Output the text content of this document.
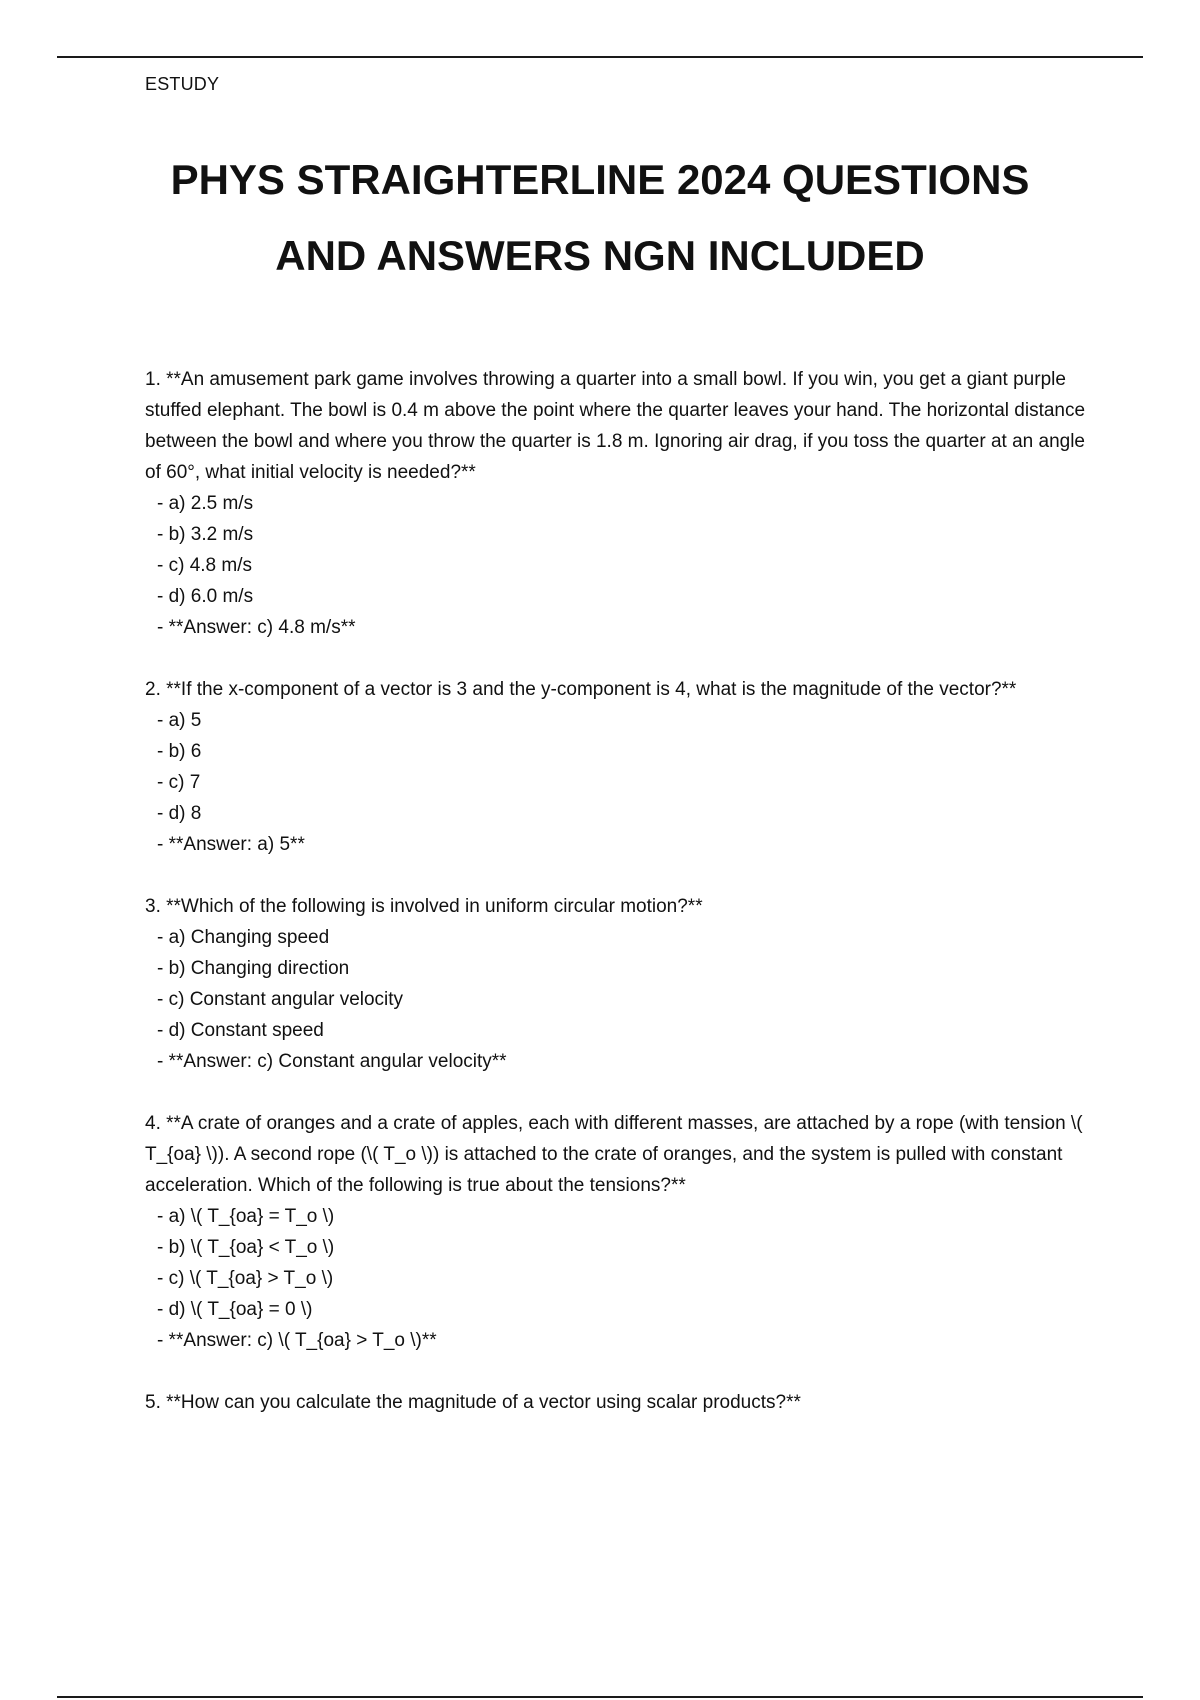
ESTUDY
PHYS STRAIGHTERLINE 2024 QUESTIONS
AND ANSWERS NGN INCLUDED

1. **An amusement park game involves throwing a quarter into a small bowl. If you win, you get a giant purple stuffed elephant. The bowl is 0.4 m above the point where the quarter leaves your hand. The horizontal distance between the bowl and where you throw the quarter is 1.8 m. Ignoring air drag, if you toss the quarter at an angle of 60°, what initial velocity is needed?**

- a) 2.5 m/s
- b) 3.2 m/s
- c) 4.8 m/s
- d) 6.0 m/s
- **Answer: c) 4.8 m/s**

2. **If the x-component of a vector is 3 and the y-component is 4, what is the magnitude of the vector?**

- a) 5
- b) 6
- c) 7
- d) 8
- **Answer: a) 5**

3. **Which of the following is involved in uniform circular motion?**

- a) Changing speed
- b) Changing direction
- c) Constant angular velocity
- d) Constant speed
- **Answer: c) Constant angular velocity**

4. **A crate of oranges and a crate of apples, each with different masses, are attached by a rope (with tension \( T_{oa} \)). A second rope (\( T_o \)) is attached to the crate of oranges, and the system is pulled with constant acceleration. Which of the following is true about the tensions?**

- a) \( T_{oa} = T_o \)
- b) \( T_{oa} < T_o \)
- c) \( T_{oa} > T_o \)
- d) \( T_{oa} = 0 \)
- **Answer: c) \( T_{oa} > T_o \)**

5. **How can you calculate the magnitude of a vector using scalar products?**
